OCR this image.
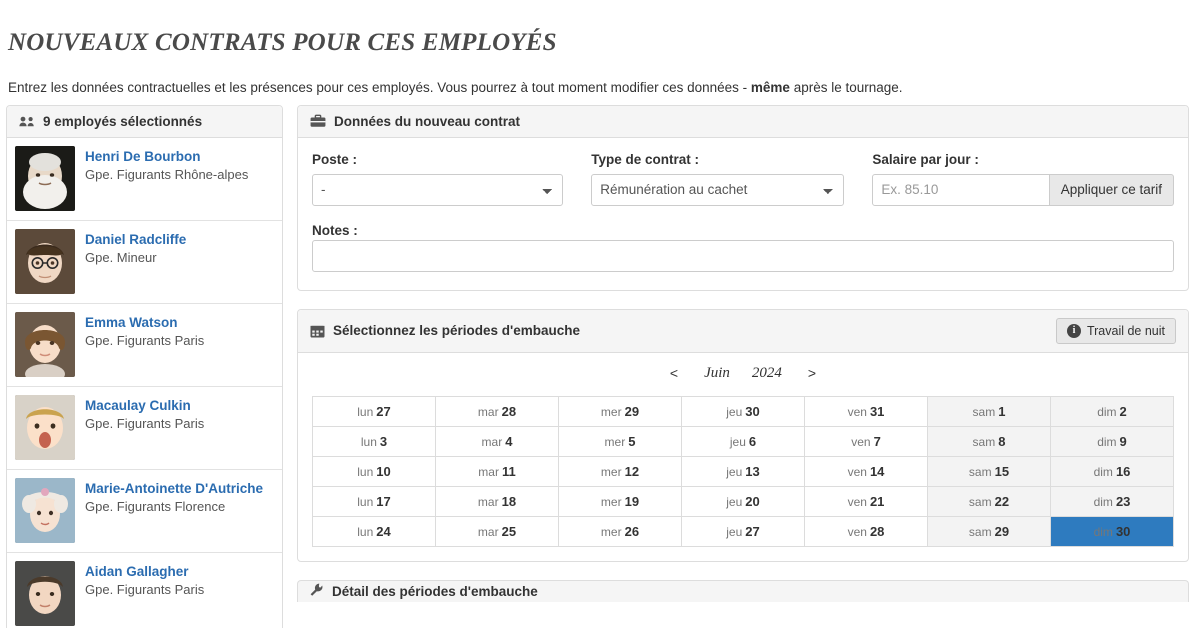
NOUVEAUX CONTRATS POUR CES EMPLOYÉS
Entrez les données contractuelles et les présences pour ces employés. Vous pourrez à tout moment modifier ces données - même après le tournage.
9 employés sélectionnés
Henri De Bourbon
Gpe. Figurants Rhône-alpes
Daniel Radcliffe
Gpe. Mineur
Emma Watson
Gpe. Figurants Paris
Macaulay Culkin
Gpe. Figurants Paris
Marie-Antoinette D'Autriche
Gpe. Figurants Florence
Aidan Gallagher
Gpe. Figurants Paris
Données du nouveau contrat
Poste :
-	Type de contrat :
Rémunération au cachet	Salaire par jour :
Ex. 85.10
Appliquer ce tarif
Notes :
Sélectionnez les périodes d'embauche	i Travail de nuit
< Juin 2024 >
lun 27	mar 28	mer 29	jeu 30	ven 31	sam 1	dim 2
lun 3	mar 4	mer 5	jeu 6	ven 7	sam 8	dim 9
lun 10	mar 11	mer 12	jeu 13	ven 14	sam 15	dim 16
lun 17	mar 18	mer 19	jeu 20	ven 21	sam 22	dim 23
lun 24	mar 25	mer 26	jeu 27	ven 28	sam 29	dim 30
Détail des périodes d'embauche
